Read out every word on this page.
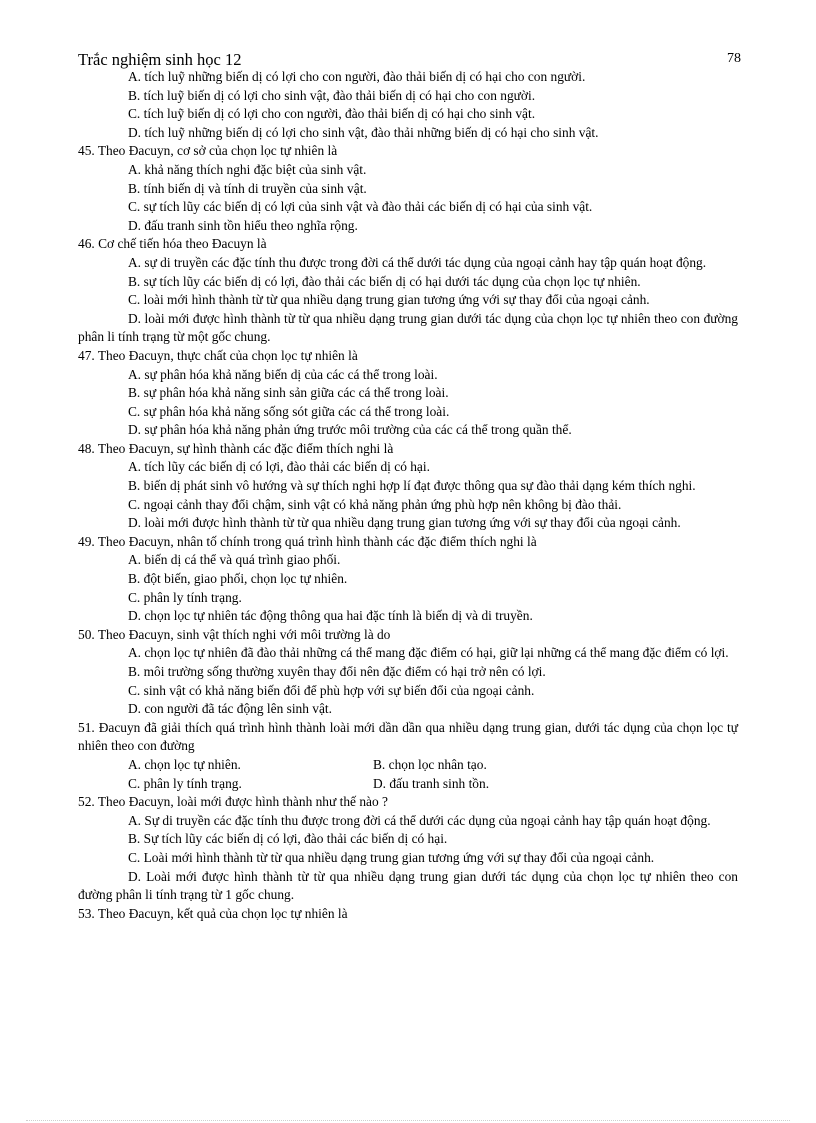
Trắc nghiệm sinh học 12	78

A. tích luỹ những biến dị có lợi cho con người, đào thải biến dị có hại cho con người.

B. tích luỹ biến dị có lợi cho sinh vật, đào thải biến dị có hại cho con người.

C. tích luỹ biến dị có lợi cho con người, đào thải biến dị có hại cho sinh vật.

D. tích luỹ những biến dị có lợi cho sinh vật, đào thải những biến dị có hại cho sinh vật.

45. Theo Đacuyn, cơ sở của chọn lọc tự nhiên là

A. khả năng thích nghi đặc biệt của sinh vật.

B. tính biến dị và tính di truyền của sinh vật.

C. sự tích lũy các biến dị có lợi của sinh vật và đào thải các biến dị có hại của sinh vật.

D. đấu tranh sinh tồn hiểu theo nghĩa rộng.

46. Cơ chế tiến hóa theo Đacuyn là

A. sự di truyền các đặc tính thu được trong đời cá thể dưới tác dụng của ngoại cảnh hay tập quán hoạt động.

B. sự tích lũy các biến dị có lợi, đào thải các biến dị có hại dưới tác dụng của chọn lọc tự nhiên.

C. loài mới hình thành từ từ qua nhiều dạng trung gian tương ứng với sự thay đổi của ngoại cảnh.

D. loài mới được hình thành từ từ qua nhiều dạng trung gian dưới tác dụng của chọn lọc tự nhiên theo con đường phân li tính trạng từ một gốc chung.

47. Theo Đacuyn, thực chất của chọn lọc tự nhiên là

A. sự phân hóa khả năng biến dị của các cá thể trong loài.

B. sự phân hóa khả năng sinh sản giữa các cá thể trong loài.

C. sự phân hóa khả năng sống sót giữa các cá thể trong loài.

D. sự phân hóa khả năng phản ứng trước môi trường của các cá thể trong quần thể.

48. Theo Đacuyn, sự hình thành các đặc điểm thích nghi là

A. tích lũy các biến dị có lợi, đào thải các biến dị có hại.

B. biến dị phát sinh vô hướng và sự thích nghi hợp lí đạt được thông qua sự đào thải dạng kém thích nghi.

C. ngoại cảnh thay đổi chậm, sinh vật có khả năng phản ứng phù hợp nên không bị đào thải.

D. loài mới được hình thành từ từ qua nhiều dạng trung gian tương ứng với sự thay đổi của ngoại cảnh.

49. Theo Đacuyn, nhân tố chính trong quá trình hình thành các đặc điểm thích nghi là

A. biến dị cá thể và quá trình giao phối.

B. đột biến, giao phối, chọn lọc tự nhiên.

C. phân ly tính trạng.

D. chọn lọc tự nhiên tác động thông qua hai đặc tính là biến dị và di truyền.

50. Theo Đacuyn, sinh vật thích nghi với môi trường là do

A. chọn lọc tự nhiên đã đào thải những cá thể mang đặc điểm có hại, giữ lại những cá thể mang đặc điểm có lợi.

B. môi trường sống thường xuyên thay đổi nên đặc điểm có hại trở nên có lợi.

C. sinh vật có khả năng biến đổi để phù hợp với sự biến đổi của ngoại cảnh.

D. con người đã tác động lên sinh vật.

51. Đacuyn đã giải thích quá trình hình thành loài mới dần dần qua nhiều dạng trung gian, dưới tác dụng của chọn lọc tự nhiên theo con đường

A. chọn lọc tự nhiên.	B. chọn lọc nhân tạo.
C. phân ly tính trạng.	D. đấu tranh sinh tồn.

52. Theo Đacuyn, loài mới được hình thành như thế nào ?

A. Sự di truyền các đặc tính thu được trong đời cá thể dưới các dụng của ngoại cảnh hay tập quán hoạt động.

B. Sự tích lũy các biến dị có lợi, đào thải các biến dị có hại.

C. Loài mới hình thành từ từ qua nhiều dạng trung gian tương ứng với sự thay đổi của ngoại cảnh.

D. Loài mới được hình thành từ từ qua nhiều dạng trung gian dưới tác dụng của chọn lọc tự nhiên theo con đường phân li tính trạng từ 1 gốc chung.

53. Theo Đacuyn, kết quả của chọn lọc tự nhiên là
